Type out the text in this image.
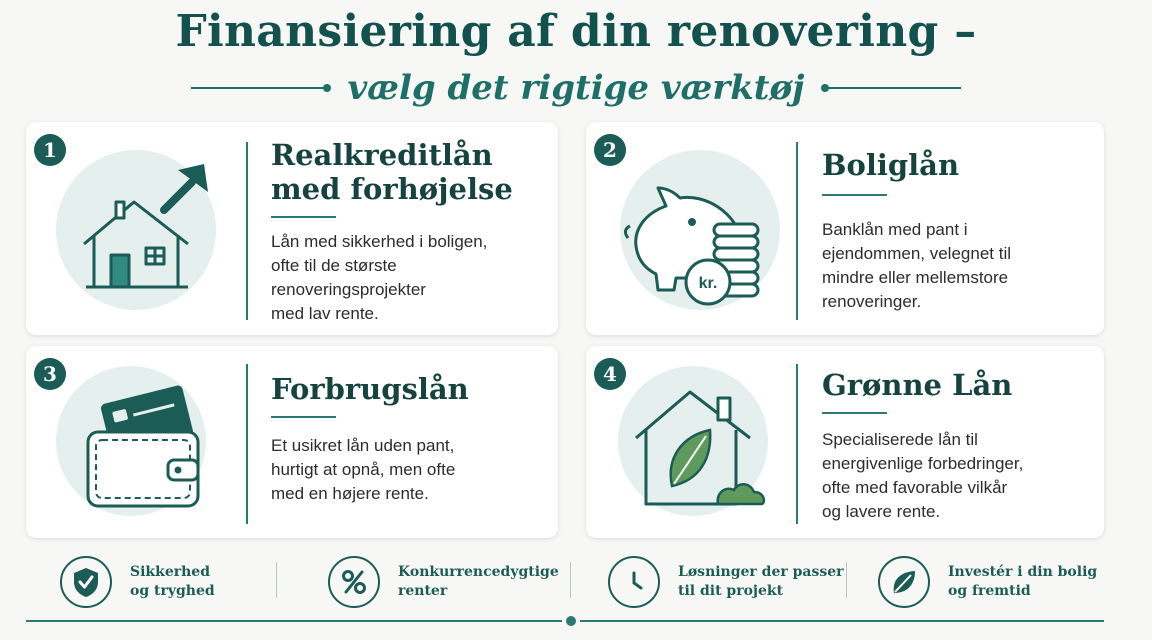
Finansiering af din renovering –
vælg det rigtige værktøj
1	Realkreditlån
med forhøjelse

Lån med sikkerhed i boligen,
ofte til de største
renoveringsprojekter
med lav rente.

2
kr.

Boliglån

Banklån med pant i
ejendommen, velegnet til
mindre eller mellemstore
renoveringer.

3	Forbrugslån

Et usikret lån uden pant,
hurtigt at opnå, men ofte
med en højere rente.

4	Grønne Lån

Specialiserede lån til
energivenlige forbedringer,
ofte med favorable vilkår
og lavere rente.

Sikkerhed
og tryghed
Konkurrencedygtige
renter
Løsninger der passer
til dit projekt
Investér i din bolig
og fremtid
